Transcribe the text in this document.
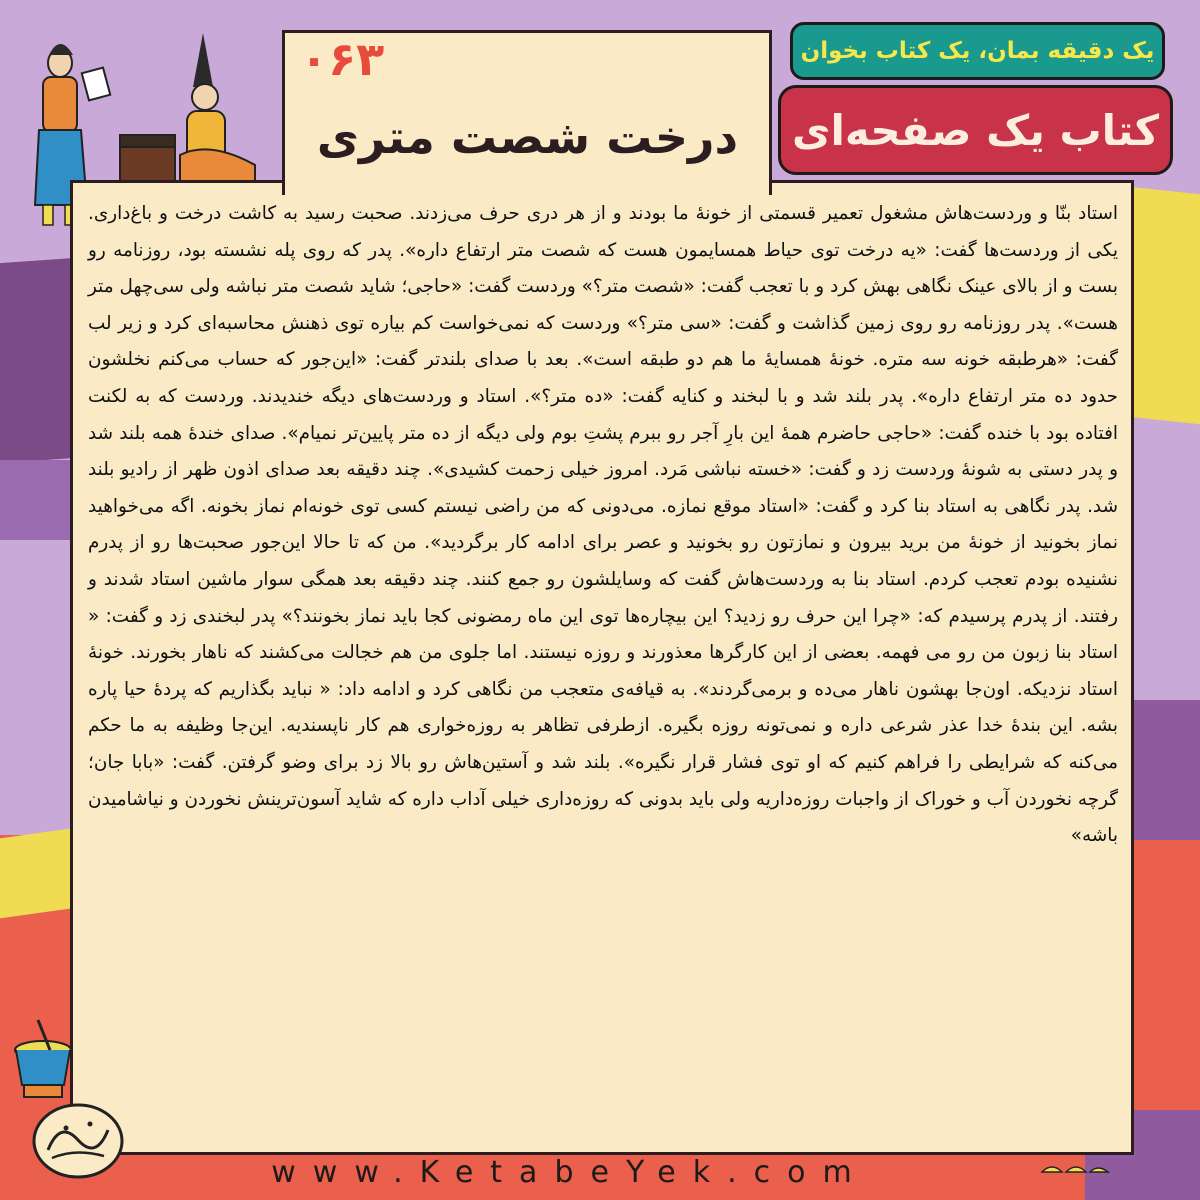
۰۶۳
درخت شصت متری
یک دقیقه بمان، یک کتاب بخوان
کتاب یک صفحه‌ای

استاد بنّا و وردست‌هاش مشغول تعمیر قسمتی از خونهٔ ما بودند و از هر دری حرف می‌زدند. صحبت رسید به کاشت درخت و باغ‌داری. یکی از وردست‌ها گفت: «یه درخت توی حیاط همسایمون هست که شصت متر ارتفاع داره». پدر که روی پله نشسته بود، روزنامه رو بست و از بالای عینک نگاهی بهش کرد و با تعجب گفت: «شصت متر؟» وردست گفت: «حاجی؛ شاید شصت متر نباشه ولی سی‌چهل متر هست». پدر روزنامه رو روی زمین گذاشت و گفت: «سی متر؟» وردست که نمی‌خواست کم بیاره توی ذهنش محاسبه‌ای کرد و زیر لب گفت: «هرطبقه خونه سه متره. خونهٔ همسایهٔ ما هم دو طبقه است». بعد با صدای بلندتر گفت: «این‌جور که حساب می‌کنم نخلشون حدود ده متر ارتفاع داره». پدر بلند شد و با لبخند و کنایه گفت: «ده متر؟». استاد و وردست‌های دیگه خندیدند. وردست که به لکنت افتاده بود با خنده گفت: «حاجی حاضرم همهٔ این بارِ آجر رو ببرم پشتِ بوم ولی دیگه از ده متر پایین‌تر نمیام». صدای خندهٔ همه بلند شد و پدر دستی به شونهٔ وردست زد و گفت: «خسته نباشی مَرد. امروز خیلی زحمت کشیدی». چند دقیقه بعد صدای اذون ظهر از رادیو بلند شد. پدر نگاهی به استاد بنا کرد و گفت: «استاد موقع نمازه. می‌دونی که من راضی نیستم کسی توی خونه‌ام نماز بخونه. اگه می‌خواهید نماز بخونید از خونهٔ من برید بیرون و نمازتون رو بخونید و عصر برای ادامه کار برگردید». من که تا حالا این‌جور صحبت‌ها رو از پدرم نشنیده بودم تعجب کردم. استاد بنا به وردست‌هاش گفت که وسایلشون رو جمع کنند. چند دقیقه بعد همگی سوار ماشین استاد شدند و رفتند. از پدرم پرسیدم که: «چرا این حرف رو زدید؟ این بیچاره‌ها توی این ماه رمضونی کجا باید نماز بخونند؟» پدر لبخندی زد و گفت: « استاد بنا زبون من رو می فهمه. بعضی از این کارگرها معذورند و روزه نیستند. اما جلوی من هم خجالت می‌کشند که ناهار بخورند. خونهٔ استاد نزدیکه. اون‌جا بهشون ناهار می‌ده و برمی‌گردند». به قیافه‌ی متعجب من نگاهی کرد و ادامه داد: « نباید بگذاریم که پردهٔ حیا پاره بشه. این بندهٔ خدا عذر شرعی داره و نمی‌تونه روزه بگیره. ازطرفی تظاهر به روزه‌خواری هم کار ناپسندیه. این‌جا وظیفه به ما حکم می‌کنه که شرایطی را فراهم کنیم که او توی فشار قرار نگیره». بلند شد و آستین‌هاش رو بالا زد برای وضو گرفتن. گفت: «بابا جان؛ گرچه نخوردن آب و خوراک از واجبات روزه‌داریه ولی باید بدونی که روزه‌داری خیلی آداب داره که شاید آسون‌ترینش نخوردن و نیاشامیدن باشه»

www.KetabeYek.com
